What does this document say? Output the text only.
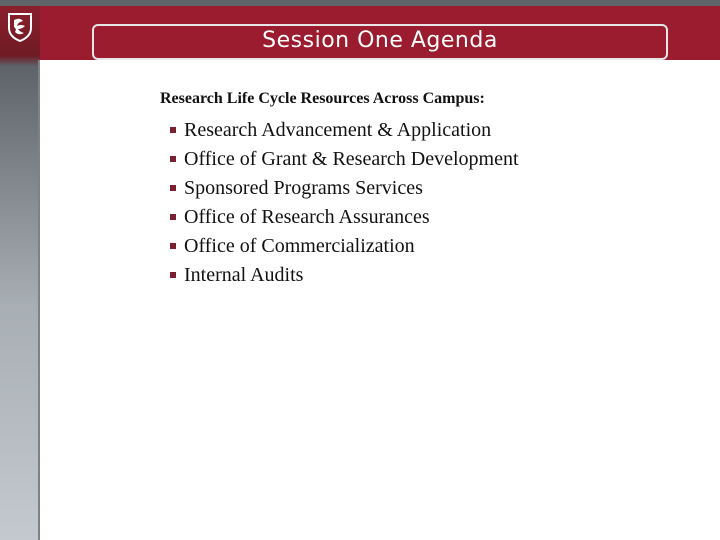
Session One Agenda
Research Life Cycle Resources Across Campus:
Research Advancement & Application
Office of Grant & Research Development
Sponsored Programs Services
Office of Research Assurances
Office of Commercialization
Internal Audits
